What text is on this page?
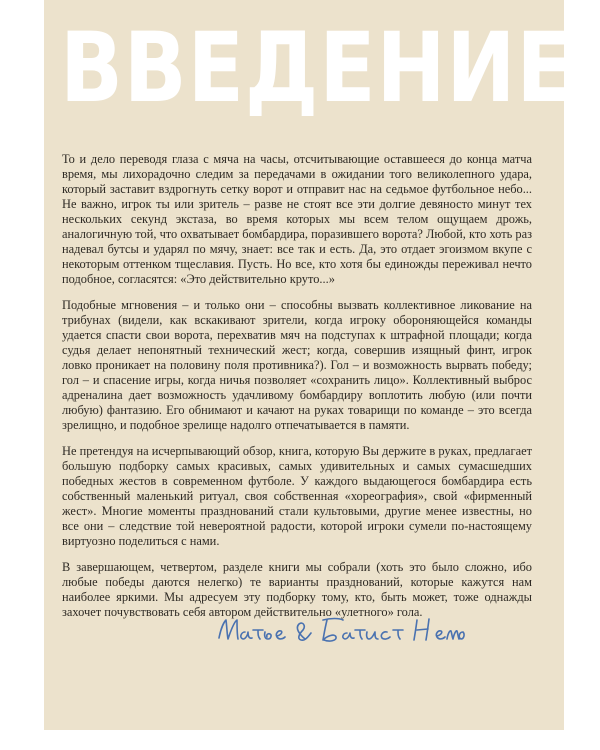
ВВЕДЕНИЕ

То и дело переводя глаза с мяча на часы, отсчитывающие оставшееся до конца матча время, мы лихорадочно следим за передачами в ожидании того великолепного удара, который заставит вздрогнуть сетку ворот и отправит нас на седьмое футбольное небо... Не важно, игрок ты или зритель – разве не стоят все эти долгие девяносто минут тех нескольких секунд экстаза, во время которых мы всем телом ощущаем дрожь, аналогичную той, что охватывает бомбардира, поразившего ворота? Любой, кто хоть раз надевал бутсы и ударял по мячу, знает: все так и есть. Да, это отдает эгоизмом вкупе с некоторым оттенком тщеславия. Пусть. Но все, кто хотя бы единожды переживал нечто подобное, согласятся: «Это действительно круто...»

Подобные мгновения – и только они – способны вызвать коллективное ликование на трибунах (видели, как вскакивают зрители, когда игроку обороняющейся команды удается спасти свои ворота, перехватив мяч на подступах к штрафной площади; когда судья делает непонятный технический жест; когда, совершив изящный финт, игрок ловко проникает на половину поля противника?). Гол – и возможность вырвать победу; гол – и спасение игры, когда ничья позволяет «сохранить лицо». Коллективный выброс адреналина дает возможность удачливому бомбардиру воплотить любую (или почти любую) фантазию. Его обнимают и качают на руках товарищи по команде – это всегда зрелищно, и подобное зрелище надолго отпечатывается в памяти.

Не претендуя на исчерпывающий обзор, книга, которую Вы держите в руках, предлагает большую подборку самых красивых, самых удивительных и самых сумасшедших победных жестов в современном футболе. У каждого выдающегося бомбардира есть собственный маленький ритуал, своя собственная «хореография», свой «фирменный жест». Многие моменты празднований стали культовыми, другие менее известны, но все они – следствие той невероятной радости, которой игроки сумели по-настоящему виртуозно поделиться с нами.

В завершающем, четвертом, разделе книги мы собрали (хоть это было сложно, ибо любые победы даются нелегко) те варианты празднований, которые кажутся нам наиболее яркими. Мы адресуем эту подборку тому, кто, быть может, тоже однажды захочет почувствовать себя автором действительно «улетного» гола.
